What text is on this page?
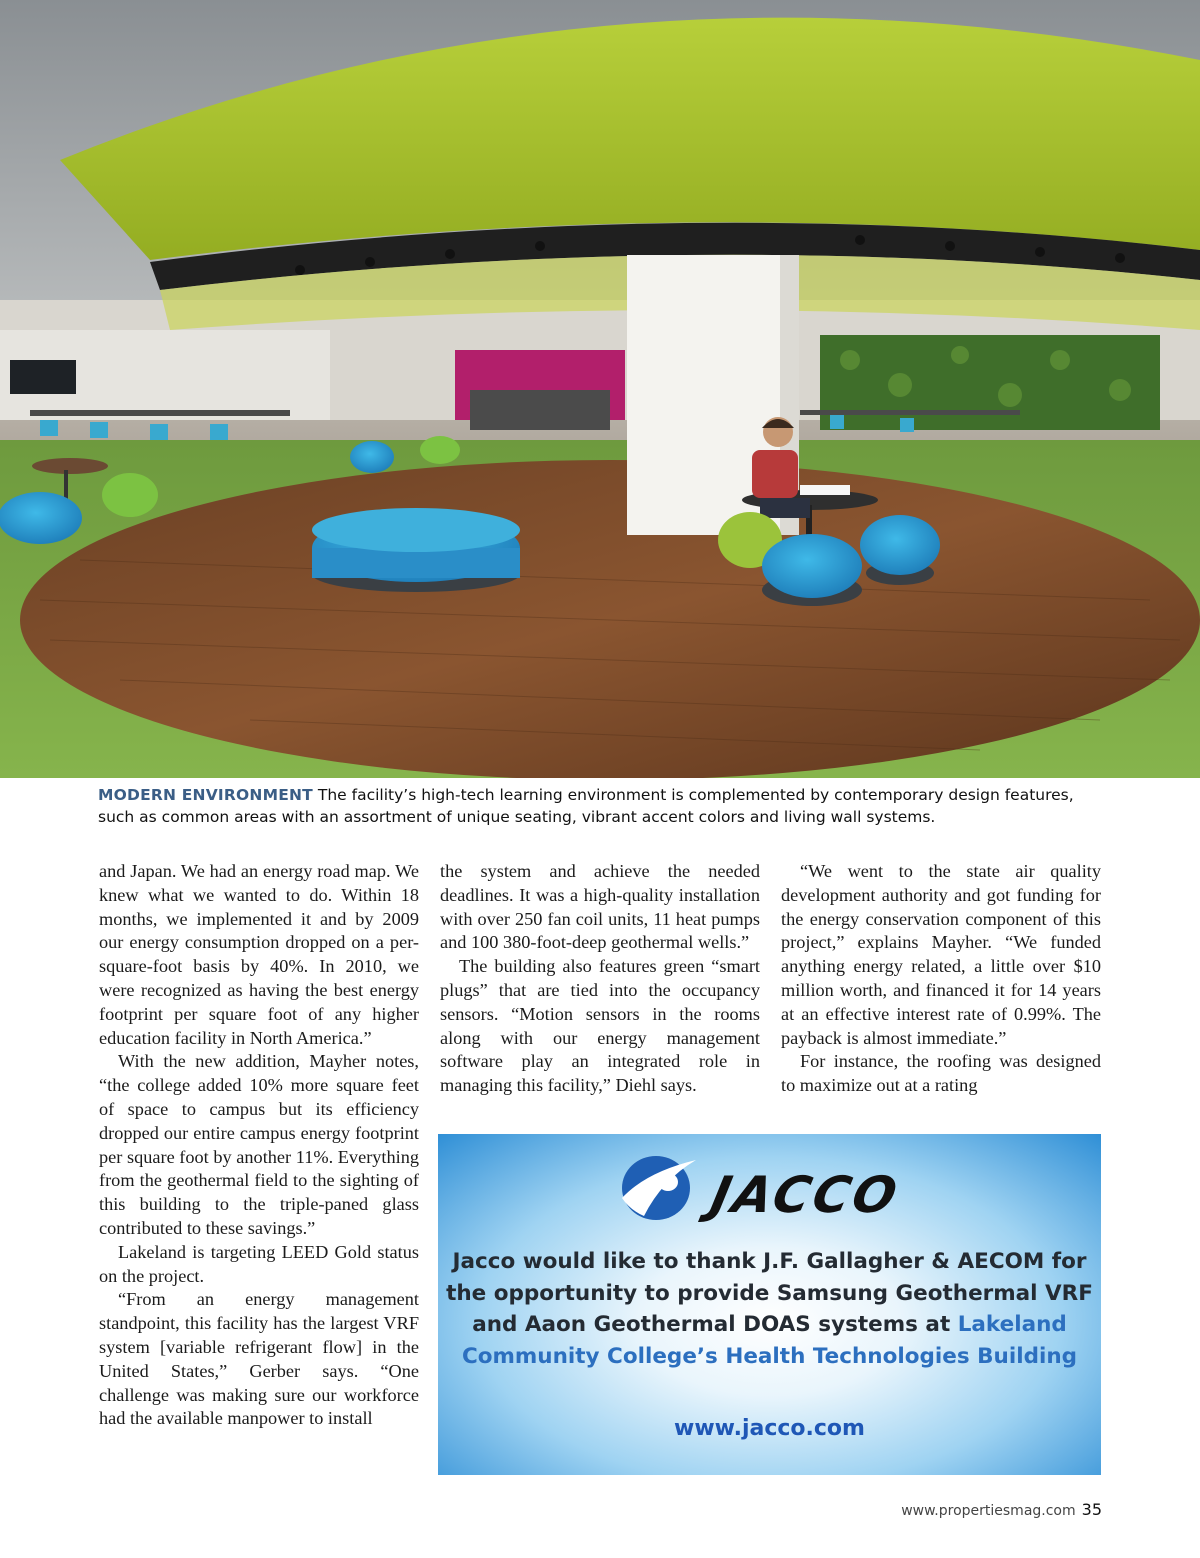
MODERN ENVIRONMENT The facility’s high-tech learning environment is complemented by contemporary design features, such as common areas with an assortment of unique seating, vibrant accent colors and living wall systems.

and Japan. We had an energy road map. We knew what we wanted to do. Within 18 months, we implemented it and by 2009 our energy consumption dropped on a per-square-foot basis by 40%. In 2010, we were recognized as having the best energy footprint per square foot of any higher education facility in North America.”

With the new addition, Mayher notes, “the college added 10% more square feet of space to campus but its efficiency dropped our entire campus energy footprint per square foot by another 11%. Everything from the geothermal field to the sighting of this building to the triple-paned glass contributed to these savings.”

Lakeland is targeting LEED Gold status on the project.

“From an energy management standpoint, this facility has the largest VRF system [variable refrigerant flow] in the United States,” Gerber says. “One challenge was making sure our workforce had the available manpower to install

the system and achieve the needed deadlines. It was a high-quality installation with over 250 fan coil units, 11 heat pumps and 100 380-foot-deep geothermal wells.”

The building also features green “smart plugs” that are tied into the occupancy sensors. “Motion sensors in the rooms along with our energy management software play an integrated role in managing this facility,” Diehl says.

“We went to the state air quality development authority and got funding for the energy conservation component of this project,” explains Mayher. “We funded anything energy related, a little over $10 million worth, and financed it for 14 years at an effective interest rate of 0.99%. The payback is almost immediate.”

For instance, the roofing was designed to maximize out at a rating

JACCO
Jacco would like to thank J.F. Gallagher & AECOM for the opportunity to provide Samsung Geothermal VRF and Aaon Geothermal DOAS systems at Lakeland Community College’s Health Technologies Building
www.jacco.com
www.propertiesmag.com 35
